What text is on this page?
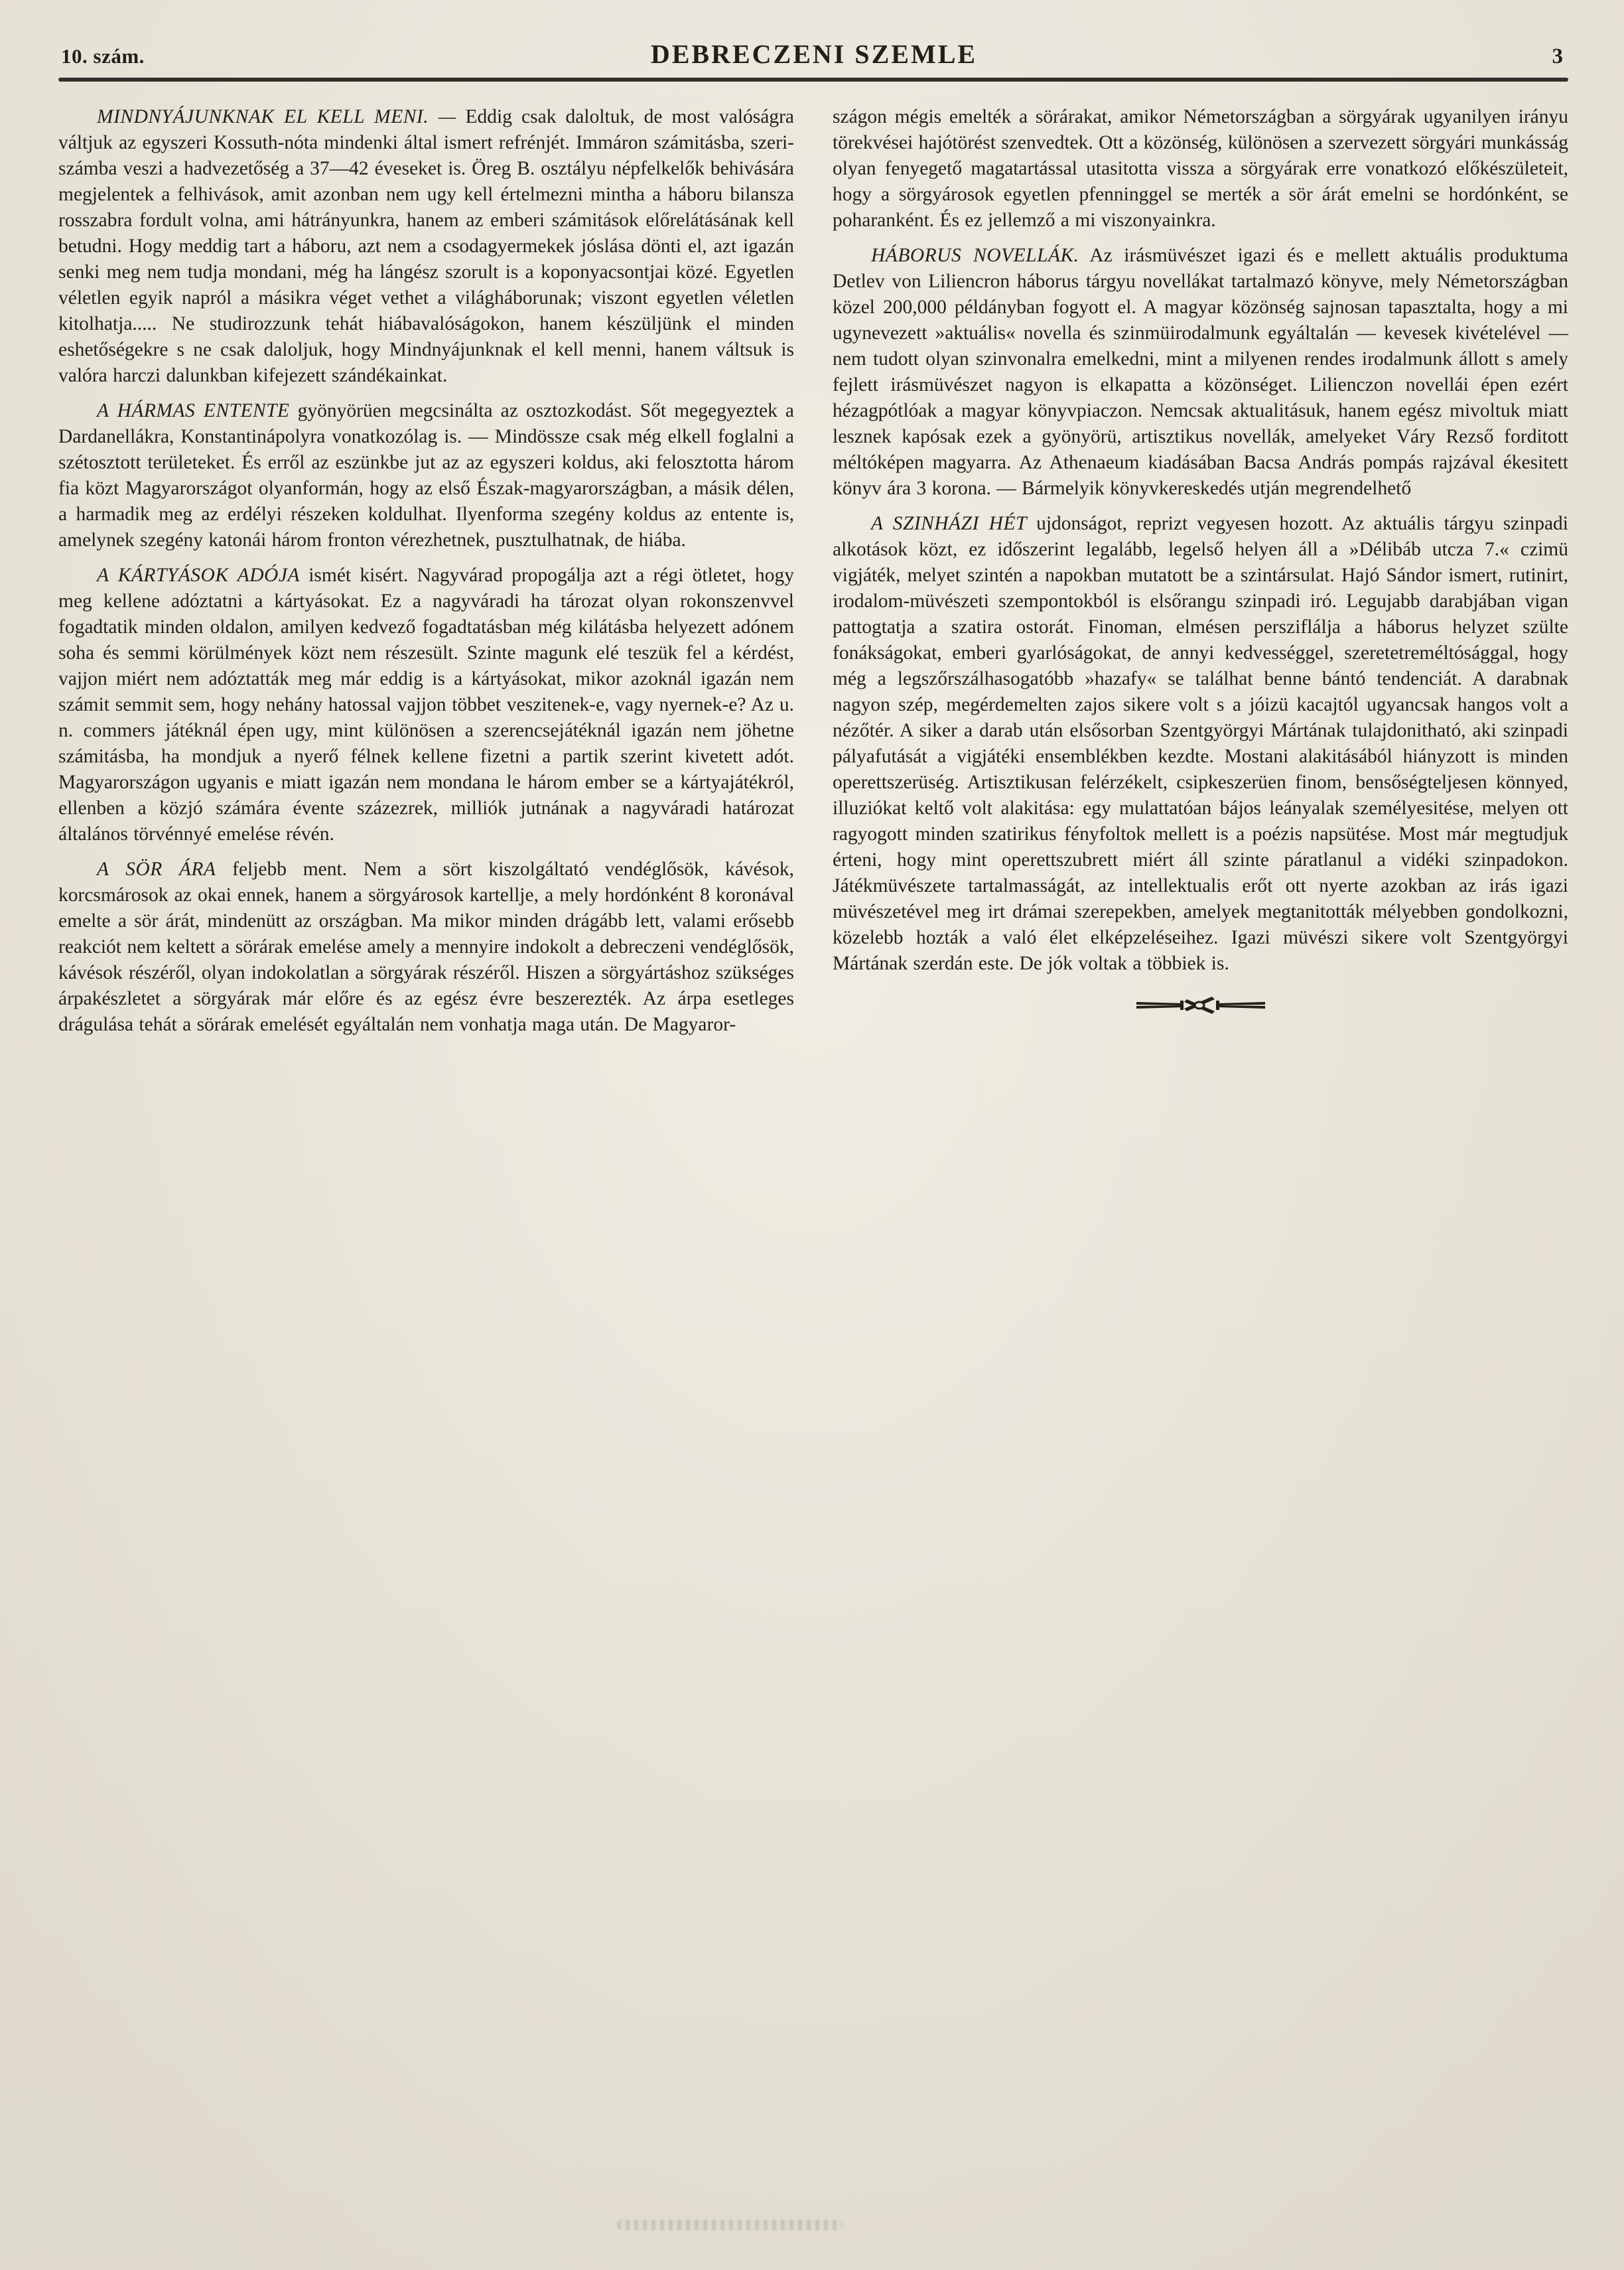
10. szám.	DEBRECZENI SZEMLE	3

MINDNYÁJUNKNAK EL KELL MENI. — Eddig csak daloltuk, de most valóságra váltjuk az egyszeri Kossuth-nóta mindenki által ismert refrénjét. Immáron számitásba, szeri-számba veszi a hadvezetőség a 37—42 éveseket is. Öreg B. osztályu népfelkelők behivására megjelentek a felhivások, amit azonban nem ugy kell értelmezni mintha a háboru bilansza rosszabra fordult volna, ami hátrányunkra, hanem az emberi számitások előrelátásának kell betudni. Hogy meddig tart a háboru, azt nem a csodagyermekek jóslása dönti el, azt igazán senki meg nem tudja mondani, még ha lángész szorult is a koponyacsontjai közé. Egyetlen véletlen egyik napról a másikra véget vethet a világháborunak; viszont egyetlen véletlen kitolhatja..... Ne studirozzunk tehát hiábavalóságokon, hanem készüljünk el minden eshetőségekre s ne csak daloljuk, hogy Mindnyájunknak el kell menni, hanem váltsuk is valóra harczi dalunkban kifejezett szándékainkat.

A HÁRMAS ENTENTE gyönyörüen megcsinálta az osztozkodást. Sőt megegyeztek a Dardanellákra, Konstantinápolyra vonatkozólag is. — Mindössze csak még elkell foglalni a szétosztott területeket. És erről az eszünkbe jut az az egyszeri koldus, aki felosztotta három fia közt Magyarországot olyanformán, hogy az első Észak-magyarországban, a másik délen, a harmadik meg az erdélyi részeken koldulhat. Ilyenforma szegény koldus az entente is, amelynek szegény katonái három fronton vérezhetnek, pusztulhatnak, de hiába.

A KÁRTYÁSOK ADÓJA ismét kisért. Nagyvárad propogálja azt a régi ötletet, hogy meg kellene adóztatni a kártyásokat. Ez a nagyváradi ha tározat olyan rokonszenvvel fogadtatik minden oldalon, amilyen kedvező fogadtatásban még kilátásba helyezett adónem soha és semmi körülmények közt nem részesült. Szinte magunk elé teszük fel a kérdést, vajjon miért nem adóztatták meg már eddig is a kártyásokat, mikor azoknál igazán nem számit semmit sem, hogy nehány hatossal vajjon többet veszitenek-e, vagy nyernek-e? Az u. n. commers játéknál épen ugy, mint különösen a szerencsejátéknál igazán nem jöhetne számitásba, ha mondjuk a nyerő félnek kellene fizetni a partik szerint kivetett adót. Magyarországon ugyanis e miatt igazán nem mondana le három ember se a kártyajátékról, ellenben a közjó számára évente százezrek, milliók jutnának a nagyváradi határozat általános törvénnyé emelése révén.

A SÖR ÁRA feljebb ment. Nem a sört kiszolgáltató vendéglősök, kávésok, korcsmárosok az okai ennek, hanem a sörgyárosok kartellje, a mely hordónként 8 koronával emelte a sör árát, mindenütt az országban. Ma mikor minden drágább lett, valami erősebb reakciót nem keltett a sörárak emelése amely a mennyire indokolt a debreczeni vendéglősök, kávésok részéről, olyan indokolatlan a sörgyárak részéről. Hiszen a sörgyártáshoz szükséges árpakészletet a sörgyárak már előre és az egész évre beszerezték. Az árpa esetleges drágulása tehát a sörárak emelését egyáltalán nem vonhatja maga után. De Magyaror-

szágon mégis emelték a sörárakat, amikor Németországban a sörgyárak ugyanilyen irányu törekvései hajótörést szenvedtek. Ott a közönség, különösen a szervezett sörgyári munkásság olyan fenyegető magatartással utasitotta vissza a sörgyárak erre vonatkozó előkészületeit, hogy a sörgyárosok egyetlen pfenninggel se merték a sör árát emelni se hordónként, se poharanként. És ez jellemző a mi viszonyainkra.

HÁBORUS NOVELLÁK. Az irásmüvészet igazi és e mellett aktuális produktuma Detlev von Liliencron háborus tárgyu novellákat tartalmazó könyve, mely Németországban közel 200,000 példányban fogyott el. A magyar közönség sajnosan tapasztalta, hogy a mi ugynevezett »aktuális« novella és szinmüirodalmunk egyáltalán — kevesek kivételével — nem tudott olyan szinvonalra emelkedni, mint a milyenen rendes irodalmunk állott s amely fejlett irásmüvészet nagyon is elkapatta a közönséget. Lilienczon novellái épen ezért hézagpótlóak a magyar könyvpiaczon. Nemcsak aktualitásuk, hanem egész mivoltuk miatt lesznek kapósak ezek a gyönyörü, artisztikus novellák, amelyeket Váry Rezső forditott méltóképen magyarra. Az Athenaeum kiadásában Bacsa András pompás rajzával ékesitett könyv ára 3 korona. — Bármelyik könyvkereskedés utján megrendelhető

A SZINHÁZI HÉT ujdonságot, reprizt vegyesen hozott. Az aktuális tárgyu szinpadi alkotások közt, ez időszerint legalább, legelső helyen áll a »Délibáb utcza 7.« czimü vigjáték, melyet szintén a napokban mutatott be a szintársulat. Hajó Sándor ismert, rutinirt, irodalom-müvészeti szempontokból is elsőrangu szinpadi iró. Legujabb darabjában vigan pattogtatja a szatira ostorát. Finoman, elmésen persziflálja a háborus helyzet szülte fonákságokat, emberi gyarlóságokat, de annyi kedvességgel, szeretetreméltósággal, hogy még a legszőrszálhasogatóbb »hazafy« se találhat benne bántó tendenciát. A darabnak nagyon szép, megérdemelten zajos sikere volt s a jóizü kacajtól ugyancsak hangos volt a nézőtér. A siker a darab után elsősorban Szentgyörgyi Mártának tulajdonitható, aki szinpadi pályafutását a vigjátéki ensemblékben kezdte. Mostani alakitásából hiányzott is minden operettszerüség. Artisztikusan felérzékelt, csipkeszerüen finom, bensőségteljesen könnyed, illuziókat keltő volt alakitása: egy mulattatóan bájos leányalak személyesitése, melyen ott ragyogott minden szatirikus fényfoltok mellett is a poézis napsütése. Most már megtudjuk érteni, hogy mint operettszubrett miért áll szinte páratlanul a vidéki szinpadokon. Játékmüvészete tartalmasságát, az intellektualis erőt ott nyerte azokban az irás igazi müvészetével meg irt drámai szerepekben, amelyek megtanitották mélyebben gondolkozni, közelebb hozták a való élet elképzeléseihez. Igazi müvészi sikere volt Szentgyörgyi Mártának szerdán este. De jók voltak a többiek is.
